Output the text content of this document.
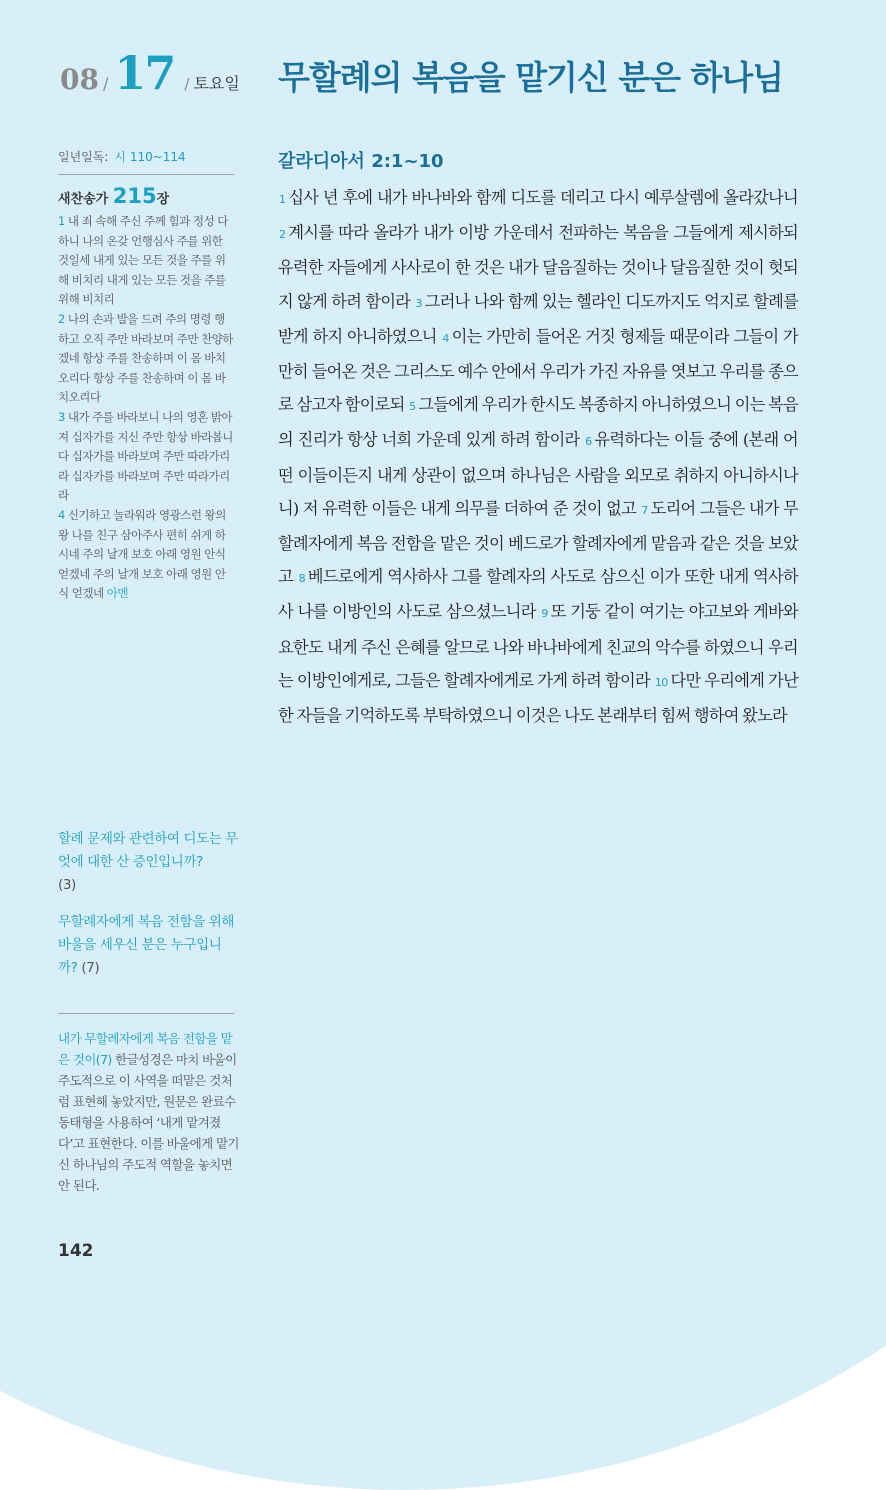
08 / 17 / 토요일 무할례의 복음을 맡기신 분은 하나님
일년일독: 시 110~114
새찬송가 215장
1 내 죄 속해 주신 주께 힘과 정성 다하니 나의 온갖 언행심사 주를 위한 것일세 내게 있는 모든 것을 주를 위해 비치리 내게 있는 모든 것을 주를 위해 비치리
2 나의 손과 발을 드려 주의 명령 행하고 오직 주만 바라보며 주만 찬양하겠네 항상 주를 찬송하며 이 몸 바치오리다 항상 주를 찬송하며 이 몸 바치오리다
3 내가 주를 바라보니 나의 영혼 밝아져 십자가를 지신 주만 항상 바라봅니다 십자가를 바라보며 주만 따라가리라 십자가를 바라보며 주만 따라가리라
4 신기하고 놀라워라 영광스런 왕의 왕 나를 친구 삼아주사 편히 쉬게 하시네 주의 날개 보호 아래 영원 안식 얻겠네 주의 날개 보호 아래 영원 안식 얻겠네 아멘
할례 문제와 관련하여 디도는 무엇에 대한 산 증인입니까?
(3)
무할례자에게 복음 전함을 위해 바울을 세우신 분은 누구입니까? (7)
내가 무할례자에게 복음 전함을 맡은 것이(7) 한글성경은 마치 바울이 주도적으로 이 사역을 떠맡은 것처럼 표현해 놓았지만, 원문은 완료수동태형을 사용하여 ‘내게 맡겨졌다’고 표현한다. 이를 바울에게 맡기신 하나님의 주도적 역할을 놓치면 안 된다.
142
갈라디아서 2:1~10
1 십사 년 후에 내가 바나바와 함께 디도를 데리고 다시 예루살렘에 올라갔나니 2 계시를 따라 올라가 내가 이방 가운데서 전파하는 복음을 그들에게 제시하되 유력한 자들에게 사사로이 한 것은 내가 달음질하는 것이나 달음질한 것이 헛되지 않게 하려 함이라 3 그러나 나와 함께 있는 헬라인 디도까지도 억지로 할례를 받게 하지 아니하였으니 4 이는 가만히 들어온 거짓 형제들 때문이라 그들이 가만히 들어온 것은 그리스도 예수 안에서 우리가 가진 자유를 엿보고 우리를 종으로 삼고자 함이로되 5 그들에게 우리가 한시도 복종하지 아니하였으니 이는 복음의 진리가 항상 너희 가운데 있게 하려 함이라 6 유력하다는 이들 중에 (본래 어떤 이들이든지 내게 상관이 없으며 하나님은 사람을 외모로 취하지 아니하시나니) 저 유력한 이들은 내게 의무를 더하여 준 것이 없고 7 도리어 그들은 내가 무할례자에게 복음 전함을 맡은 것이 베드로가 할례자에게 맡음과 같은 것을 보았고 8 베드로에게 역사하사 그를 할례자의 사도로 삼으신 이가 또한 내게 역사하사 나를 이방인의 사도로 삼으셨느니라 9 또 기둥 같이 여기는 야고보와 게바와 요한도 내게 주신 은혜를 알므로 나와 바나바에게 친교의 악수를 하였으니 우리는 이방인에게로, 그들은 할례자에게로 가게 하려 함이라 10 다만 우리에게 가난한 자들을 기억하도록 부탁하였으니 이것은 나도 본래부터 힘써 행하여 왔노라
